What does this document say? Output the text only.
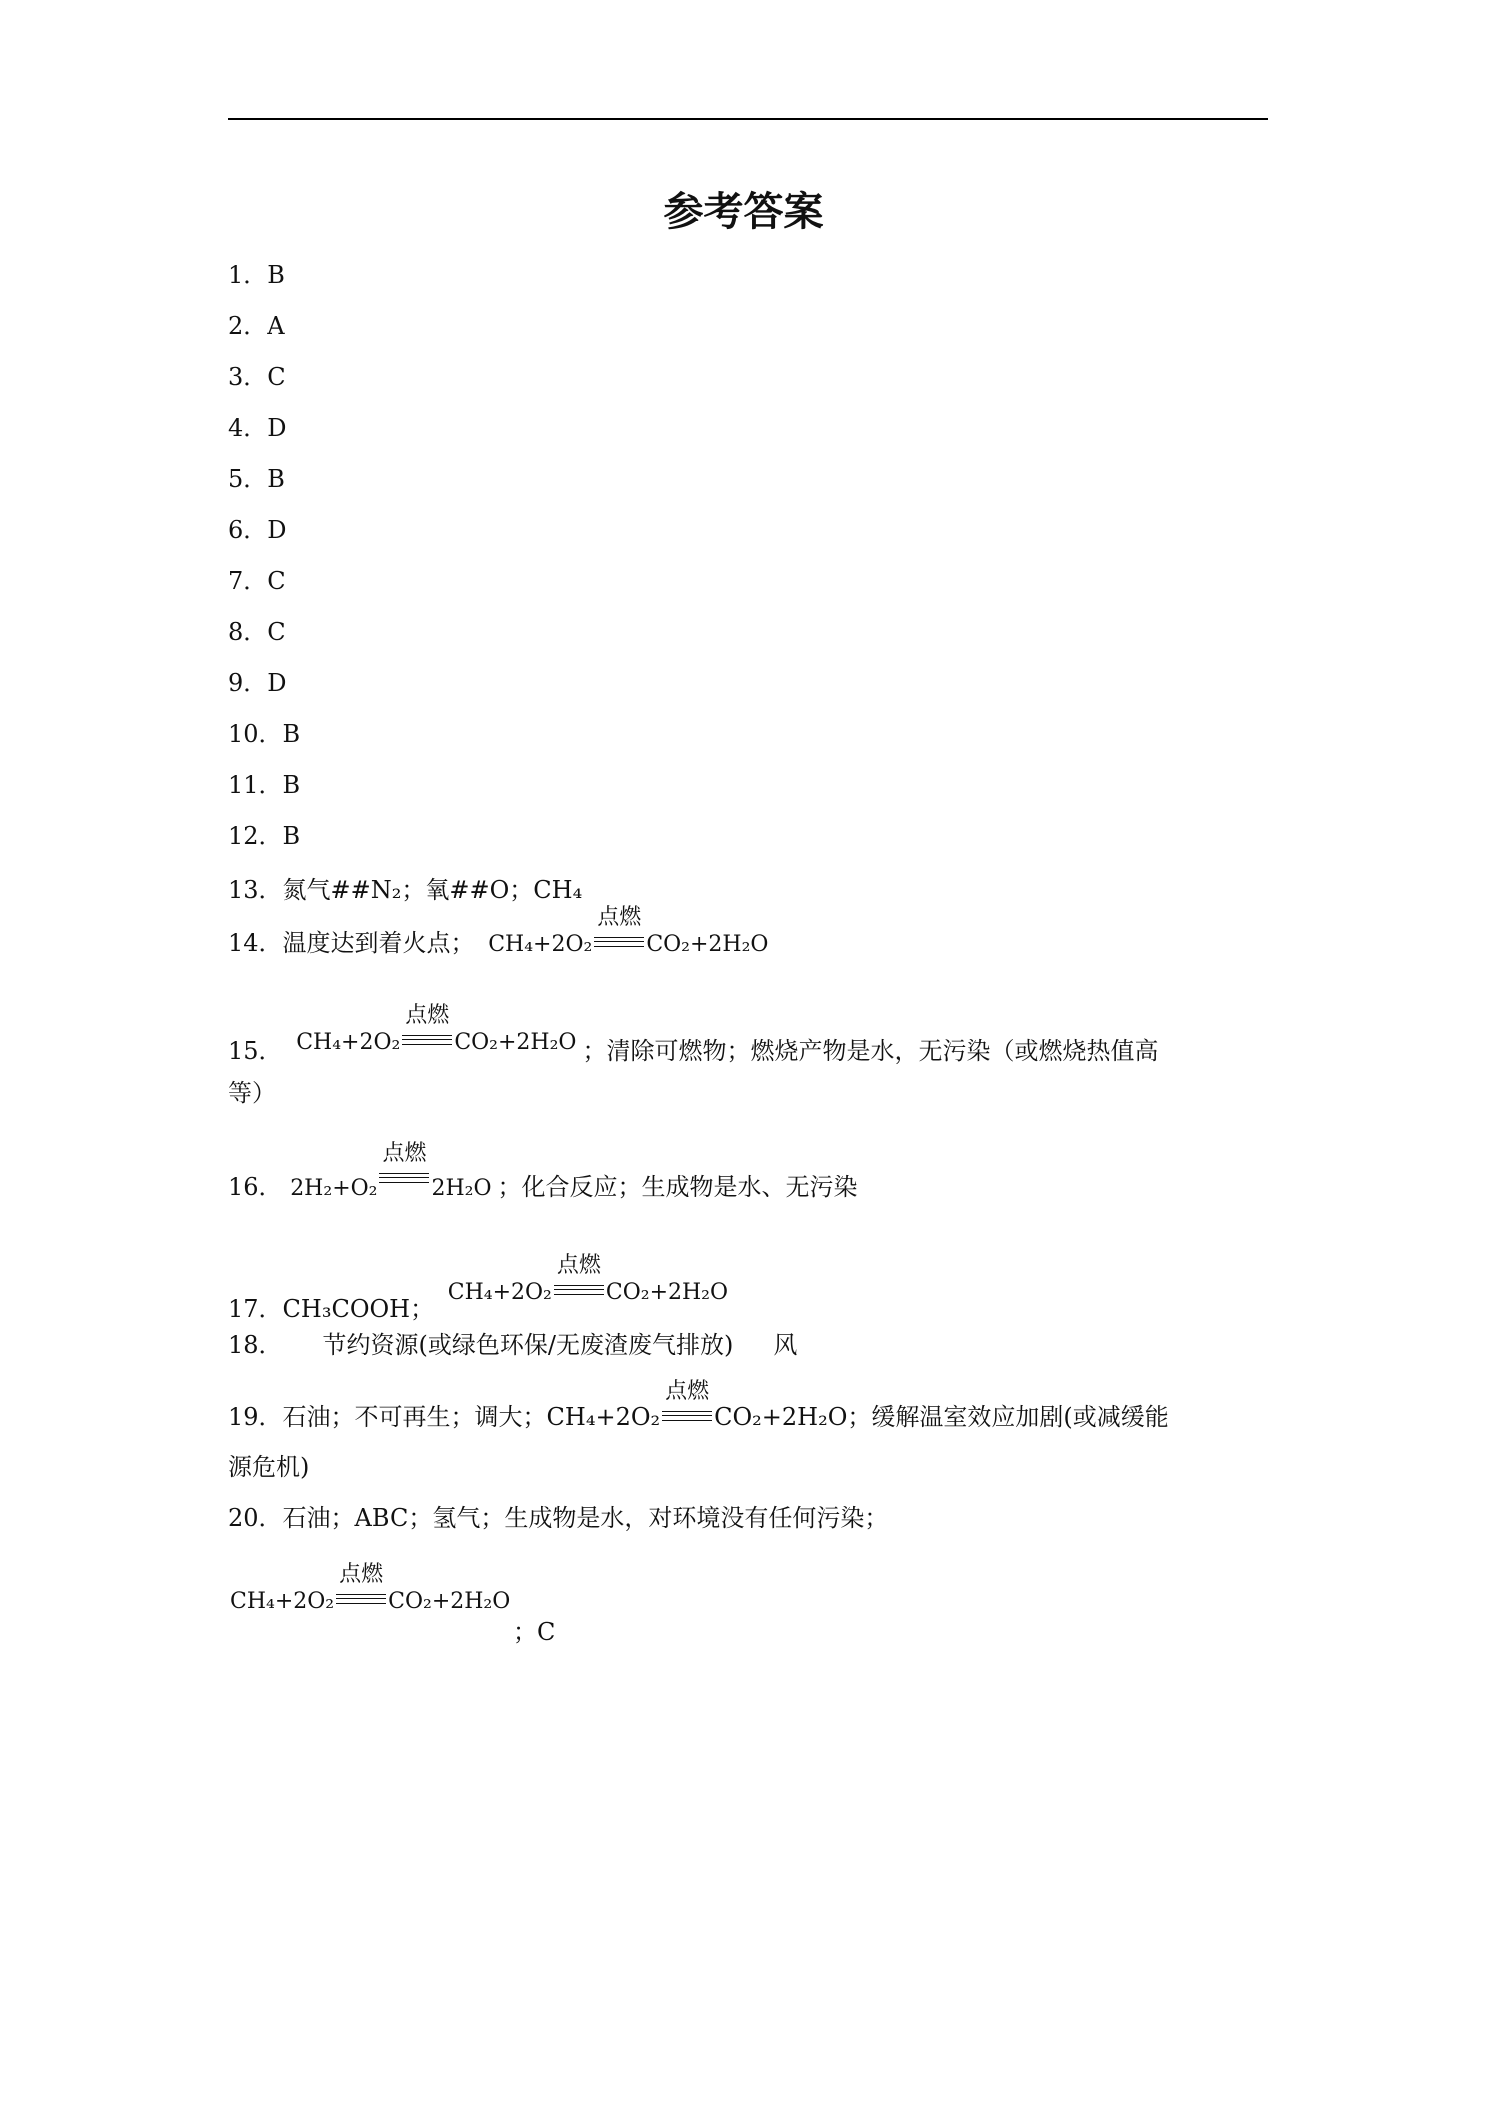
参考答案
1．B
2．A
3．C
4．D
5．B
6．D
7．C
8．C
9．D
10．B
11．B
12．B
13．氮气##N₂；氧##O；CH₄
14．温度达到着火点； CH₄+2O₂
点燃
CO₂+2H₂O
15． CH₄+2O₂
点燃
CO₂+2H₂O ；清除可燃物；燃烧产物是水，无污染（或燃烧热值高
等）
16． 2H₂+O₂
点燃
2H₂O ；化合反应；生成物是水、无污染
17．CH₃COOH； CH₄+2O₂
点燃
CO₂+2H₂O
18． 节约资源(或绿色环保/无废渣废气排放) 风
19．石油；不可再生；调大；CH₄+2O₂
点燃
CO₂+2H₂O；缓解温室效应加剧(或减缓能
源危机)
20．石油；ABC；氢气；生成物是水，对环境没有任何污染；
CH₄+2O₂
点燃
CO₂+2H₂O
；C
